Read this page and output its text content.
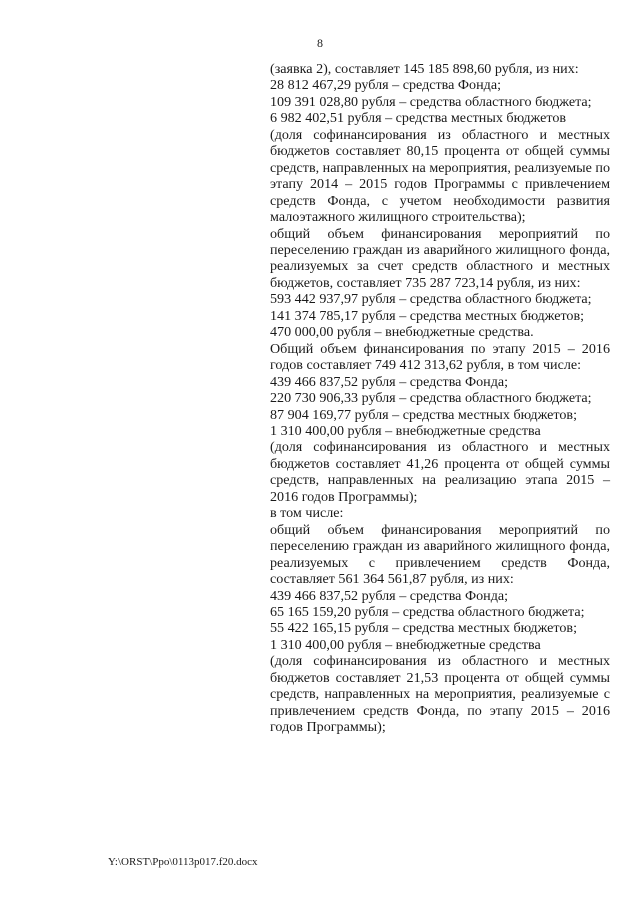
8

(заявка 2), составляет 145 185 898,60 рубля, из них:

28 812 467,29 рубля – средства Фонда;

109 391 028,80 рубля – средства областного бюджета;

6 982 402,51 рубля – средства местных бюджетов

(доля софинансирования из областного и местных бюджетов составляет 80,15 процента от общей суммы средств, направленных на мероприятия, реализуемые по этапу 2014 – 2015 годов Программы с привлечением средств Фонда, с учетом необходимости развития малоэтажного жилищного строительства);

общий объем финансирования мероприятий по переселению граждан из аварийного жилищного фонда, реализуемых за счет средств областного и местных бюджетов, составляет 735 287 723,14 рубля, из них:

593 442 937,97 рубля – средства областного бюджета;

141 374 785,17 рубля – средства местных бюджетов;

470 000,00 рубля – внебюджетные средства.

Общий объем финансирования по этапу 2015 – 2016 годов составляет 749 412 313,62 рубля, в том числе:

439 466 837,52 рубля – средства Фонда;

220 730 906,33 рубля – средства областного бюджета;

87 904 169,77 рубля – средства местных бюджетов;

1 310 400,00 рубля – внебюджетные средства

(доля софинансирования из областного и местных бюджетов составляет 41,26 процента от общей суммы средств, направленных на реализацию этапа 2015 – 2016 годов Программы);

в том числе:

общий объем финансирования мероприятий по переселению граждан из аварийного жилищного фонда, реализуемых с привлечением средств Фонда, составляет 561 364 561,87 рубля, из них:

439 466 837,52 рубля – средства Фонда;

65 165 159,20 рубля – средства областного бюджета;

55 422 165,15 рубля – средства местных бюджетов;

1 310 400,00 рубля – внебюджетные средства

(доля софинансирования из областного и местных бюджетов составляет 21,53 процента от общей суммы средств, направленных на мероприятия, реализуемые с привлечением средств Фонда, по этапу 2015 – 2016 годов Программы);

Y:\ORST\Ppo\0113p017.f20.docx
